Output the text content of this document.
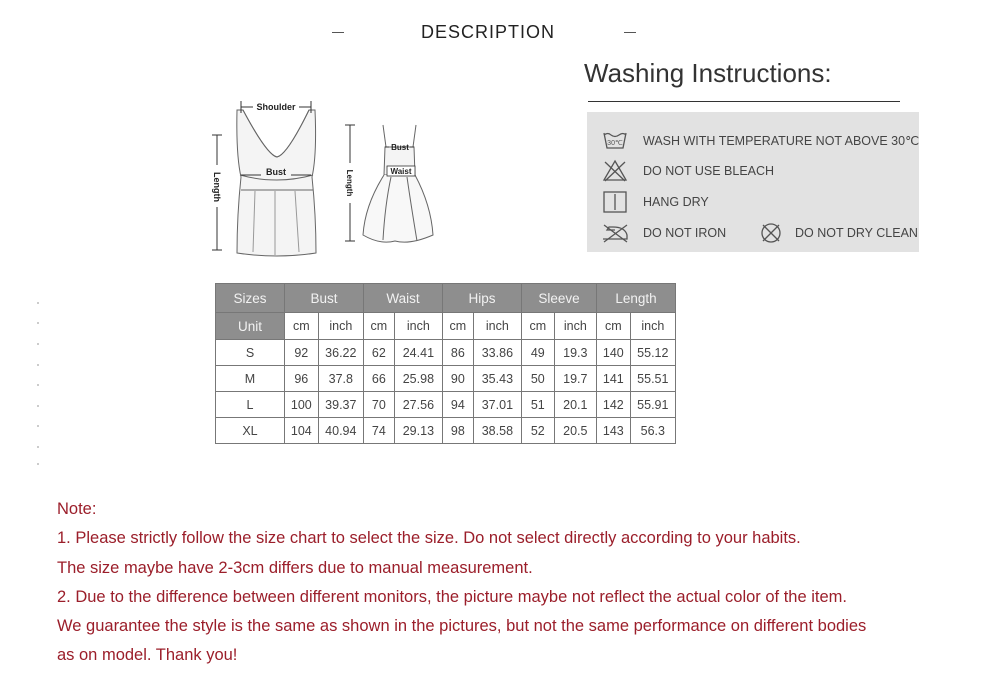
DESCRIPTION
Washing Instructions:
30℃ WASH WITH TEMPERATURE NOT ABOVE 30℃
DO NOT USE BLEACH
HANG DRY
DO NOT IRON	DO NOT DRY CLEAN
Shoulder
Bust
Length
Bust
Waist
Length
Sizes	Bust		Waist		Hips		Sleeve		Length	
Unit	cm	inch	cm	inch	cm	inch	cm	inch	cm	inch
S	92	36.22	62	24.41	86	33.86	49	19.3	140	55.12
M	96	37.8	66	25.98	90	35.43	50	19.7	141	55.51
L	100	39.37	70	27.56	94	37.01	51	20.1	142	55.91
XL	104	40.94	74	29.13	98	38.58	52	20.5	143	56.3
Note:
1. Please strictly follow the size chart to select the size. Do not select directly according to your habits.
The size maybe have 2-3cm differs due to manual measurement.
2. Due to the difference between different monitors, the picture maybe not reflect the actual color of the item.
We guarantee the style is the same as shown in the pictures, but not the same performance on different bodies
as on model. Thank you!
